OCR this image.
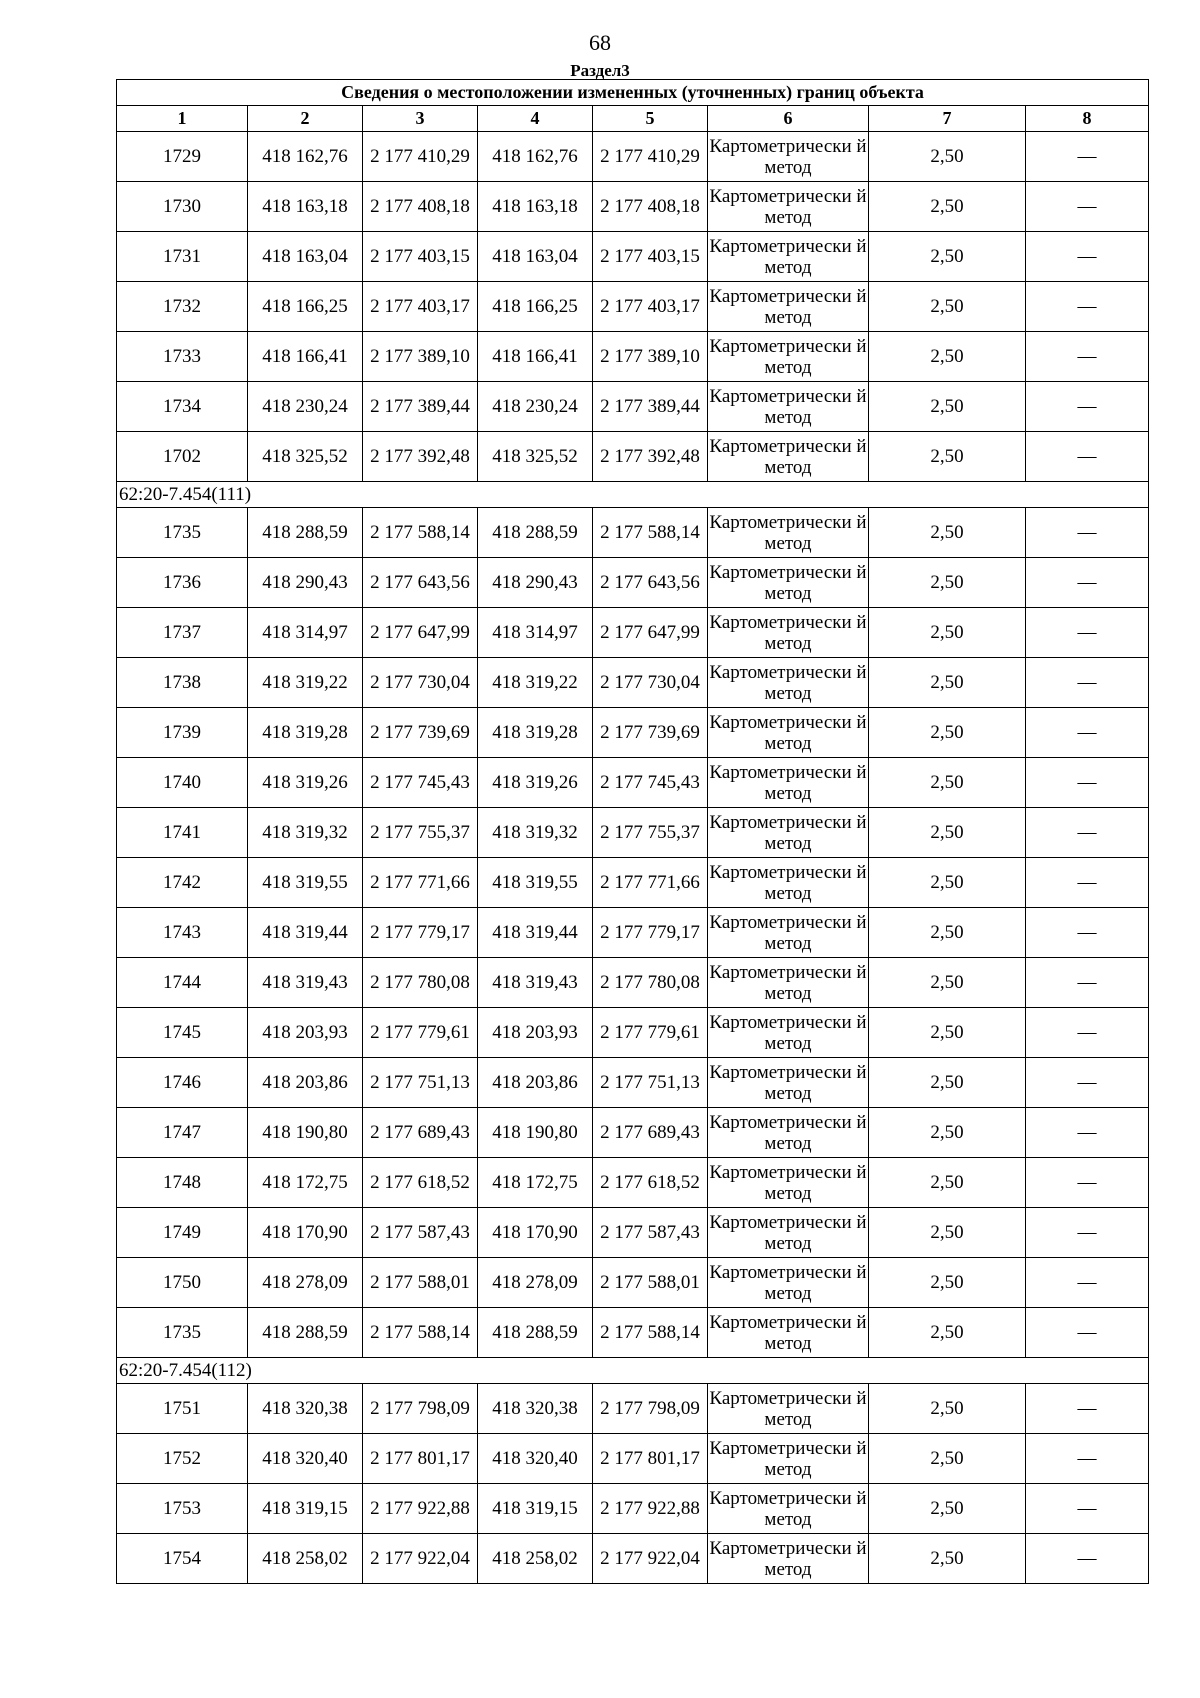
68
Раздел3
Сведения о местоположении измененных (уточненных) границ объекта							
1	2	3	4	5	6	7	8
1729	418 162,76	2 177 410,29	418 162,76	2 177 410,29	Картометрически й метод	2,50	—
1730	418 163,18	2 177 408,18	418 163,18	2 177 408,18	Картометрически й метод	2,50	—
1731	418 163,04	2 177 403,15	418 163,04	2 177 403,15	Картометрически й метод	2,50	—
1732	418 166,25	2 177 403,17	418 166,25	2 177 403,17	Картометрически й метод	2,50	—
1733	418 166,41	2 177 389,10	418 166,41	2 177 389,10	Картометрически й метод	2,50	—
1734	418 230,24	2 177 389,44	418 230,24	2 177 389,44	Картометрически й метод	2,50	—
1702	418 325,52	2 177 392,48	418 325,52	2 177 392,48	Картометрически й метод	2,50	—
62:20-7.454(111)							
1735	418 288,59	2 177 588,14	418 288,59	2 177 588,14	Картометрически й метод	2,50	—
1736	418 290,43	2 177 643,56	418 290,43	2 177 643,56	Картометрически й метод	2,50	—
1737	418 314,97	2 177 647,99	418 314,97	2 177 647,99	Картометрически й метод	2,50	—
1738	418 319,22	2 177 730,04	418 319,22	2 177 730,04	Картометрически й метод	2,50	—
1739	418 319,28	2 177 739,69	418 319,28	2 177 739,69	Картометрически й метод	2,50	—
1740	418 319,26	2 177 745,43	418 319,26	2 177 745,43	Картометрически й метод	2,50	—
1741	418 319,32	2 177 755,37	418 319,32	2 177 755,37	Картометрически й метод	2,50	—
1742	418 319,55	2 177 771,66	418 319,55	2 177 771,66	Картометрически й метод	2,50	—
1743	418 319,44	2 177 779,17	418 319,44	2 177 779,17	Картометрически й метод	2,50	—
1744	418 319,43	2 177 780,08	418 319,43	2 177 780,08	Картометрически й метод	2,50	—
1745	418 203,93	2 177 779,61	418 203,93	2 177 779,61	Картометрически й метод	2,50	—
1746	418 203,86	2 177 751,13	418 203,86	2 177 751,13	Картометрически й метод	2,50	—
1747	418 190,80	2 177 689,43	418 190,80	2 177 689,43	Картометрически й метод	2,50	—
1748	418 172,75	2 177 618,52	418 172,75	2 177 618,52	Картометрически й метод	2,50	—
1749	418 170,90	2 177 587,43	418 170,90	2 177 587,43	Картометрически й метод	2,50	—
1750	418 278,09	2 177 588,01	418 278,09	2 177 588,01	Картометрически й метод	2,50	—
1735	418 288,59	2 177 588,14	418 288,59	2 177 588,14	Картометрически й метод	2,50	—
62:20-7.454(112)							
1751	418 320,38	2 177 798,09	418 320,38	2 177 798,09	Картометрически й метод	2,50	—
1752	418 320,40	2 177 801,17	418 320,40	2 177 801,17	Картометрически й метод	2,50	—
1753	418 319,15	2 177 922,88	418 319,15	2 177 922,88	Картометрически й метод	2,50	—
1754	418 258,02	2 177 922,04	418 258,02	2 177 922,04	Картометрически й метод	2,50	—
